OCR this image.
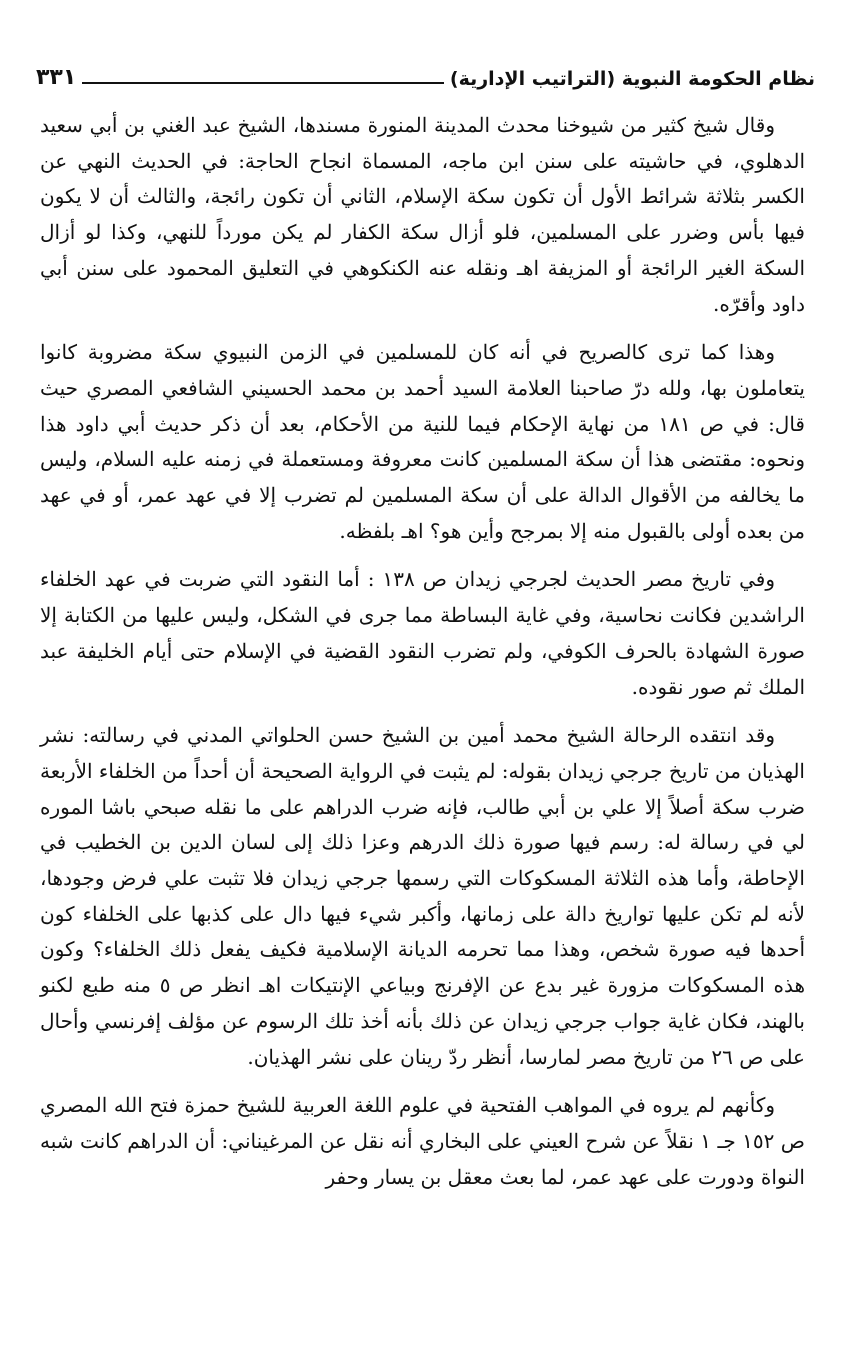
نظام الحكومة النبوية (التراتيب الإدارية)
٣٣١

وقال شيخ كثير من شيوخنا محدث المدينة المنورة مسندها، الشيخ عبد الغني بن أبي سعيد الدهلوي، في حاشيته على سنن ابن ماجه، المسماة انجاح الحاجة: في الحديث النهي عن الكسر بثلاثة شرائط الأول أن تكون سكة الإسلام، الثاني أن تكون رائجة، والثالث أن لا يكون فيها بأس وضرر على المسلمين، فلو أزال سكة الكفار لم يكن مورداً للنهي، وكذا لو أزال السكة الغير الرائجة أو المزيفة اهـ ونقله عنه الكنكوهي في التعليق المحمود على سنن أبي داود وأقرّه.

وهذا كما ترى كالصريح في أنه كان للمسلمين في الزمن النبيوي سكة مضروبة كانوا يتعاملون بها، ولله درّ صاحبنا العلامة السيد أحمد بن محمد الحسيني الشافعي المصري حيث قال: في ص ١٨١ من نهاية الإحكام فيما للنية من الأحكام، بعد أن ذكر حديث أبي داود هذا ونحوه: مقتضى هذا أن سكة المسلمين كانت معروفة ومستعملة في زمنه عليه السلام، وليس ما يخالفه من الأقوال الدالة على أن سكة المسلمين لم تضرب إلا في عهد عمر، أو في عهد من بعده أولى بالقبول منه إلا بمرجح وأين هو؟ اهـ بلفظه.

وفي تاريخ مصر الحديث لجرجي زيدان ص ١٣٨ : أما النقود التي ضربت في عهد الخلفاء الراشدين فكانت نحاسية، وفي غاية البساطة مما جرى في الشكل، وليس عليها من الكتابة إلا صورة الشهادة بالحرف الكوفي، ولم تضرب النقود القضية في الإسلام حتى أيام الخليفة عبد الملك ثم صور نقوده.

وقد انتقده الرحالة الشيخ محمد أمين بن الشيخ حسن الحلواتي المدني في رسالته: نشر الهذيان من تاريخ جرجي زيدان بقوله: لم يثبت في الرواية الصحيحة أن أحداً من الخلفاء الأربعة ضرب سكة أصلاً إلا علي بن أبي طالب، فإنه ضرب الدراهم على ما نقله صبحي باشا الموره لي في رسالة له: رسم فيها صورة ذلك الدرهم وعزا ذلك إلى لسان الدين بن الخطيب في الإحاطة، وأما هذه الثلاثة المسكوكات التي رسمها جرجي زيدان فلا تثبت علي فرض وجودها، لأنه لم تكن عليها تواريخ دالة على زمانها، وأكبر شيء فيها دال على كذبها على الخلفاء كون أحدها فيه صورة شخص، وهذا مما تحرمه الديانة الإسلامية فكيف يفعل ذلك الخلفاء؟ وكون هذه المسكوكات مزورة غير بدع عن الإفرنج وبياعي الإنتيكات اهـ انظر ص ٥ منه طبع لكنو بالهند، فكان غاية جواب جرجي زيدان عن ذلك بأنه أخذ تلك الرسوم عن مؤلف إفرنسي وأحال على ص ٢٦ من تاريخ مصر لمارسا، أنظر ردّ رينان على نشر الهذيان.

وكأنهم لم يروه في المواهب الفتحية في علوم اللغة العربية للشيخ حمزة فتح الله المصري ص ١٥٢ جـ ١ نقلاً عن شرح العيني على البخاري أنه نقل عن المرغيناني: أن الدراهم كانت شبه النواة ودورت على عهد عمر، لما بعث معقل بن يسار وحفر
